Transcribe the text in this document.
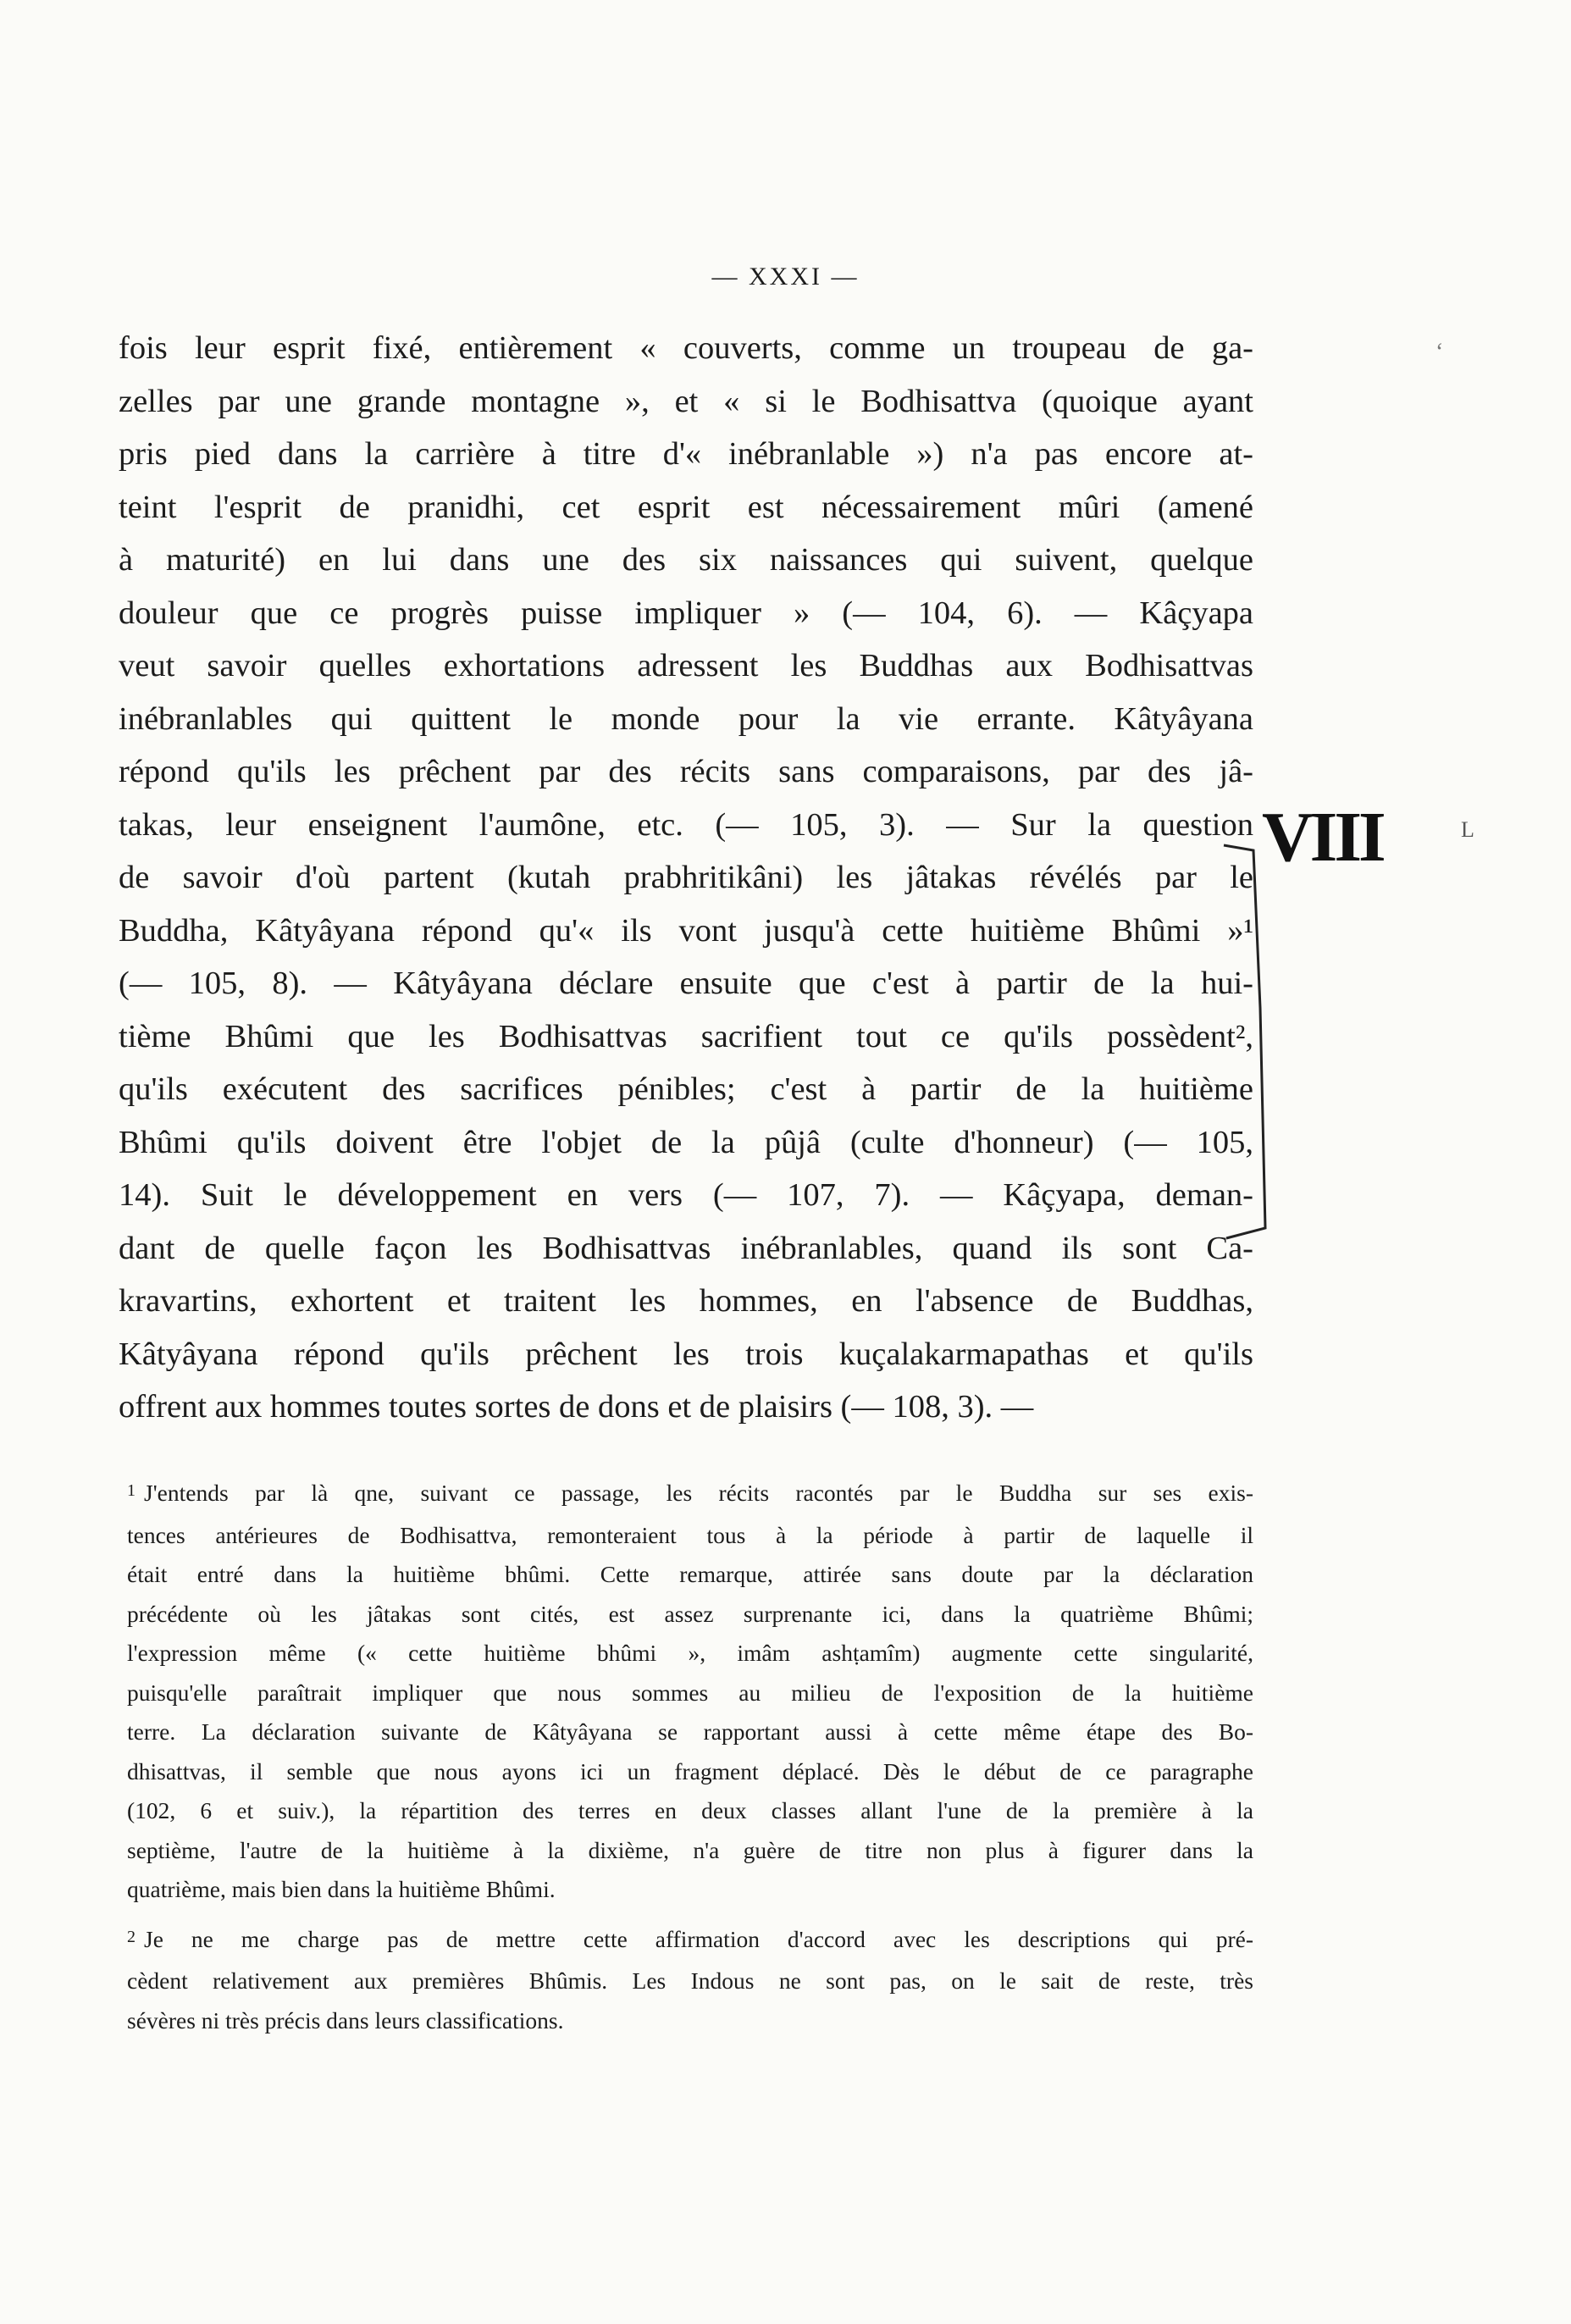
— XXXI —
ʻ
fois leur esprit fixé, entièrement « couverts, comme un troupeau de ga-
zelles par une grande montagne », et « si le Bodhisattva (quoique ayant
pris pied dans la carrière à titre d'« inébranlable ») n'a pas encore at-
teint l'esprit de pranidhi, cet esprit est nécessairement mûri (amené
à maturité) en lui dans une des six naissances qui suivent, quelque
douleur que ce progrès puisse impliquer » (— 104, 6). — Kâçyapa
veut savoir quelles exhortations adressent les Buddhas aux Bodhisattvas
inébranlables qui quittent le monde pour la vie errante. Kâtyâyana
répond qu'ils les prêchent par des récits sans comparaisons, par des jâ-
takas, leur enseignent l'aumône, etc. (— 105, 3). — Sur la question
de savoir d'où partent (kutah prabhritikâni) les jâtakas révélés par le
Buddha, Kâtyâyana répond qu'« ils vont jusqu'à cette huitième Bhûmi »¹
(— 105, 8). — Kâtyâyana déclare ensuite que c'est à partir de la hui-
tième Bhûmi que les Bodhisattvas sacrifient tout ce qu'ils possèdent²,
qu'ils exécutent des sacrifices pénibles; c'est à partir de la huitième
Bhûmi qu'ils doivent être l'objet de la pûjâ (culte d'honneur) (— 105,
14). Suit le développement en vers (— 107, 7). — Kâçyapa, deman-
dant de quelle façon les Bodhisattvas inébranlables, quand ils sont Ca-
kravartins, exhortent et traitent les hommes, en l'absence de Buddhas,
Kâtyâyana répond qu'ils prêchent les trois kuçalakarmapathas et qu'ils
offrent aux hommes toutes sortes de dons et de plaisirs (— 108, 3). —
VIII	L
$^1$ J'entends par là qne, suivant ce passage, les récits racontés par le Buddha sur ses exis-
tences antérieures de Bodhisattva, remonteraient tous à la période à partir de laquelle il
était entré dans la huitième bhûmi. Cette remarque, attirée sans doute par la déclaration
précédente où les jâtakas sont cités, est assez surprenante ici, dans la quatrième Bhûmi;
l'expression même (« cette huitième bhûmi », imâm ashṭamîm) augmente cette singularité,
puisqu'elle paraîtrait impliquer que nous sommes au milieu de l'exposition de la huitième
terre. La déclaration suivante de Kâtyâyana se rapportant aussi à cette même étape des Bo-
dhisattvas, il semble que nous ayons ici un fragment déplacé. Dès le début de ce paragraphe
(102, 6 et suiv.), la répartition des terres en deux classes allant l'une de la première à la
septième, l'autre de la huitième à la dixième, n'a guère de titre non plus à figurer dans la
quatrième, mais bien dans la huitième Bhûmi.
$^2$ Je ne me charge pas de mettre cette affirmation d'accord avec les descriptions qui pré-
cèdent relativement aux premières Bhûmis. Les Indous ne sont pas, on le sait de reste, très
sévères ni très précis dans leurs classifications.
